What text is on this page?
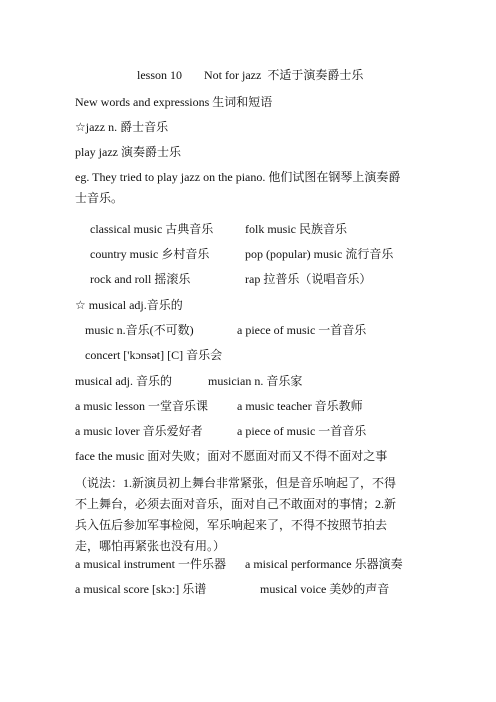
lesson 10 Not for jazz 不适于演奏爵士乐
New words and expressions 生词和短语
☆jazz n. 爵士音乐
play jazz 演奏爵士乐
eg. They tried to play jazz on the piano. 他们试图在钢琴上演奏爵士音乐。
classical music 古典音乐	folk music 民族音乐
country music 乡村音乐	pop (popular) music 流行音乐
rock and roll 摇滚乐	rap 拉普乐（说唱音乐）
☆ musical adj.音乐的
music n.音乐(不可数)	a piece of music 一首音乐
concert ['kɔnsət] [C] 音乐会
musical adj. 音乐的	musician n. 音乐家
a music lesson 一堂音乐课 a music teacher 音乐教师
a music lover 音乐爱好者	a piece of music 一首音乐
face the music 面对失败；面对不愿面对而又不得不面对之事
（说法：1.新演员初上舞台非常紧张，但是音乐响起了，不得不上舞台，必须去面对音乐，面对自己不敢面对的事情；2.新兵入伍后参加军事检阅，军乐响起来了，不得不按照节拍去走，哪怕再紧张也没有用。）
a musical instrument 一件乐器 a misical performance 乐器演奏
a musical score [skɔ:] 乐谱	musical voice 美妙的声音
